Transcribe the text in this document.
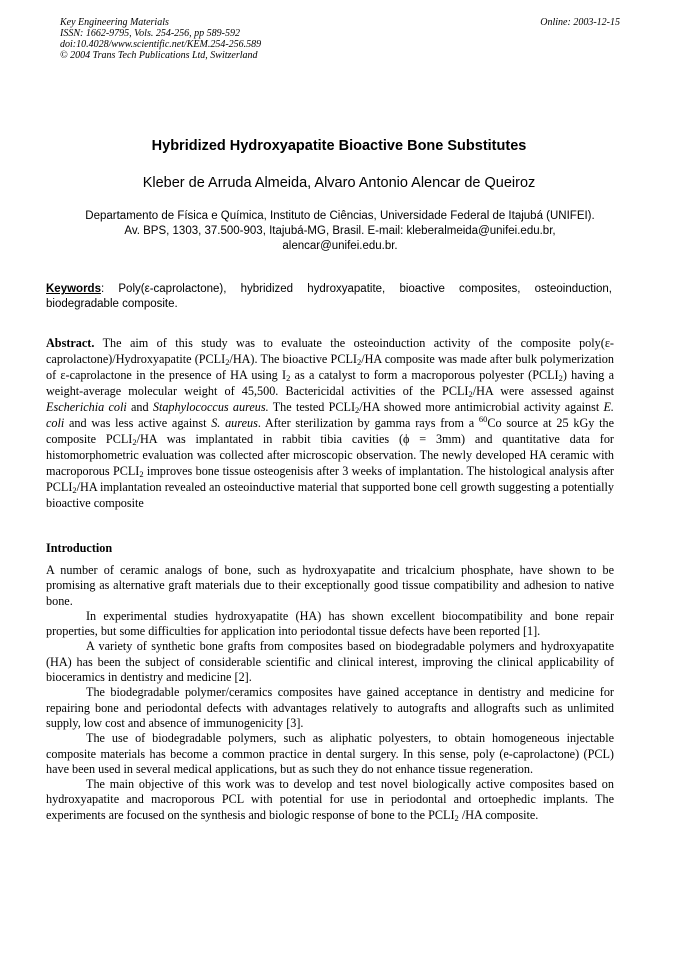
Key Engineering Materials
ISSN: 1662-9795, Vols. 254-256, pp 589-592
doi:10.4028/www.scientific.net/KEM.254-256.589
© 2004 Trans Tech Publications Ltd, Switzerland
Online: 2003-12-15
Hybridized Hydroxyapatite Bioactive Bone Substitutes
Kleber de Arruda Almeida, Alvaro Antonio Alencar de Queiroz
Departamento de Física e Química, Instituto de Ciências, Universidade Federal de Itajubá (UNIFEI).
Av. BPS, 1303, 37.500-903, Itajubá-MG, Brasil. E-mail: kleberalmeida@unifei.edu.br,
alencar@unifei.edu.br.
Keywords: Poly(ε-caprolactone), hybridized hydroxyapatite, bioactive composites, osteoinduction, biodegradable composite.
Abstract. The aim of this study was to evaluate the osteoinduction activity of the composite poly(ε-caprolactone)/Hydroxyapatite $(PCLI_2/HA)$. The bioactive $PCLI_2/HA$ composite was made after bulk polymerization of ε-caprolactone in the presence of HA using $I_2$ as a catalyst to form a macroporous polyester $(PCLI_2)$ having a weight-average molecular weight of 45,500. Bactericidal activities of the $PCLI_2/HA$ were assessed against Escherichia coli and Staphylococcus aureus. The tested $PCLI_2/HA$ showed more antimicrobial activity against E. coli and was less active against S. aureus. After sterilization by gamma rays from a $^{60}$Co source at 25 kGy the composite $PCLI_2/HA$ was implantated in rabbit tibia cavities (ϕ = 3mm) and quantitative data for histomorphometric evaluation was collected after microscopic observation. The newly developed HA ceramic with macroporous $PCLI_2$ improves bone tissue osteogenisis after 3 weeks of implantation. The histological analysis after $PCLI_2/HA$ implantation revealed an osteoinductive material that supported bone cell growth suggesting a potentially bioactive composite
Introduction

A number of ceramic analogs of bone, such as hydroxyapatite and tricalcium phosphate, have shown to be promising as alternative graft materials due to their exceptionally good tissue compatibility and adhesion to native bone.

In experimental studies hydroxyapatite (HA) has shown excellent biocompatibility and bone repair properties, but some difficulties for application into periodontal tissue defects have been reported [1].

A variety of synthetic bone grafts from composites based on biodegradable polymers and hydroxyapatite (HA) has been the subject of considerable scientific and clinical interest, improving the clinical applicability of bioceramics in dentistry and medicine [2].

The biodegradable polymer/ceramics composites have gained acceptance in dentistry and medicine for repairing bone and periodontal defects with advantages relatively to autografts and allografts such as unlimited supply, low cost and absence of immunogenicity [3].

The use of biodegradable polymers, such as aliphatic polyesters, to obtain homogeneous injectable composite materials has become a common practice in dental surgery. In this sense, poly (e-caprolactone) (PCL) have been used in several medical applications, but as such they do not enhance tissue regeneration.

The main objective of this work was to develop and test novel biologically active composites based on hydroxyapatite and macroporous PCL with potential for use in periodontal and ortoephedic implants. The experiments are focused on the synthesis and biologic response of bone to the $PCLI_2$ /HA composite.
